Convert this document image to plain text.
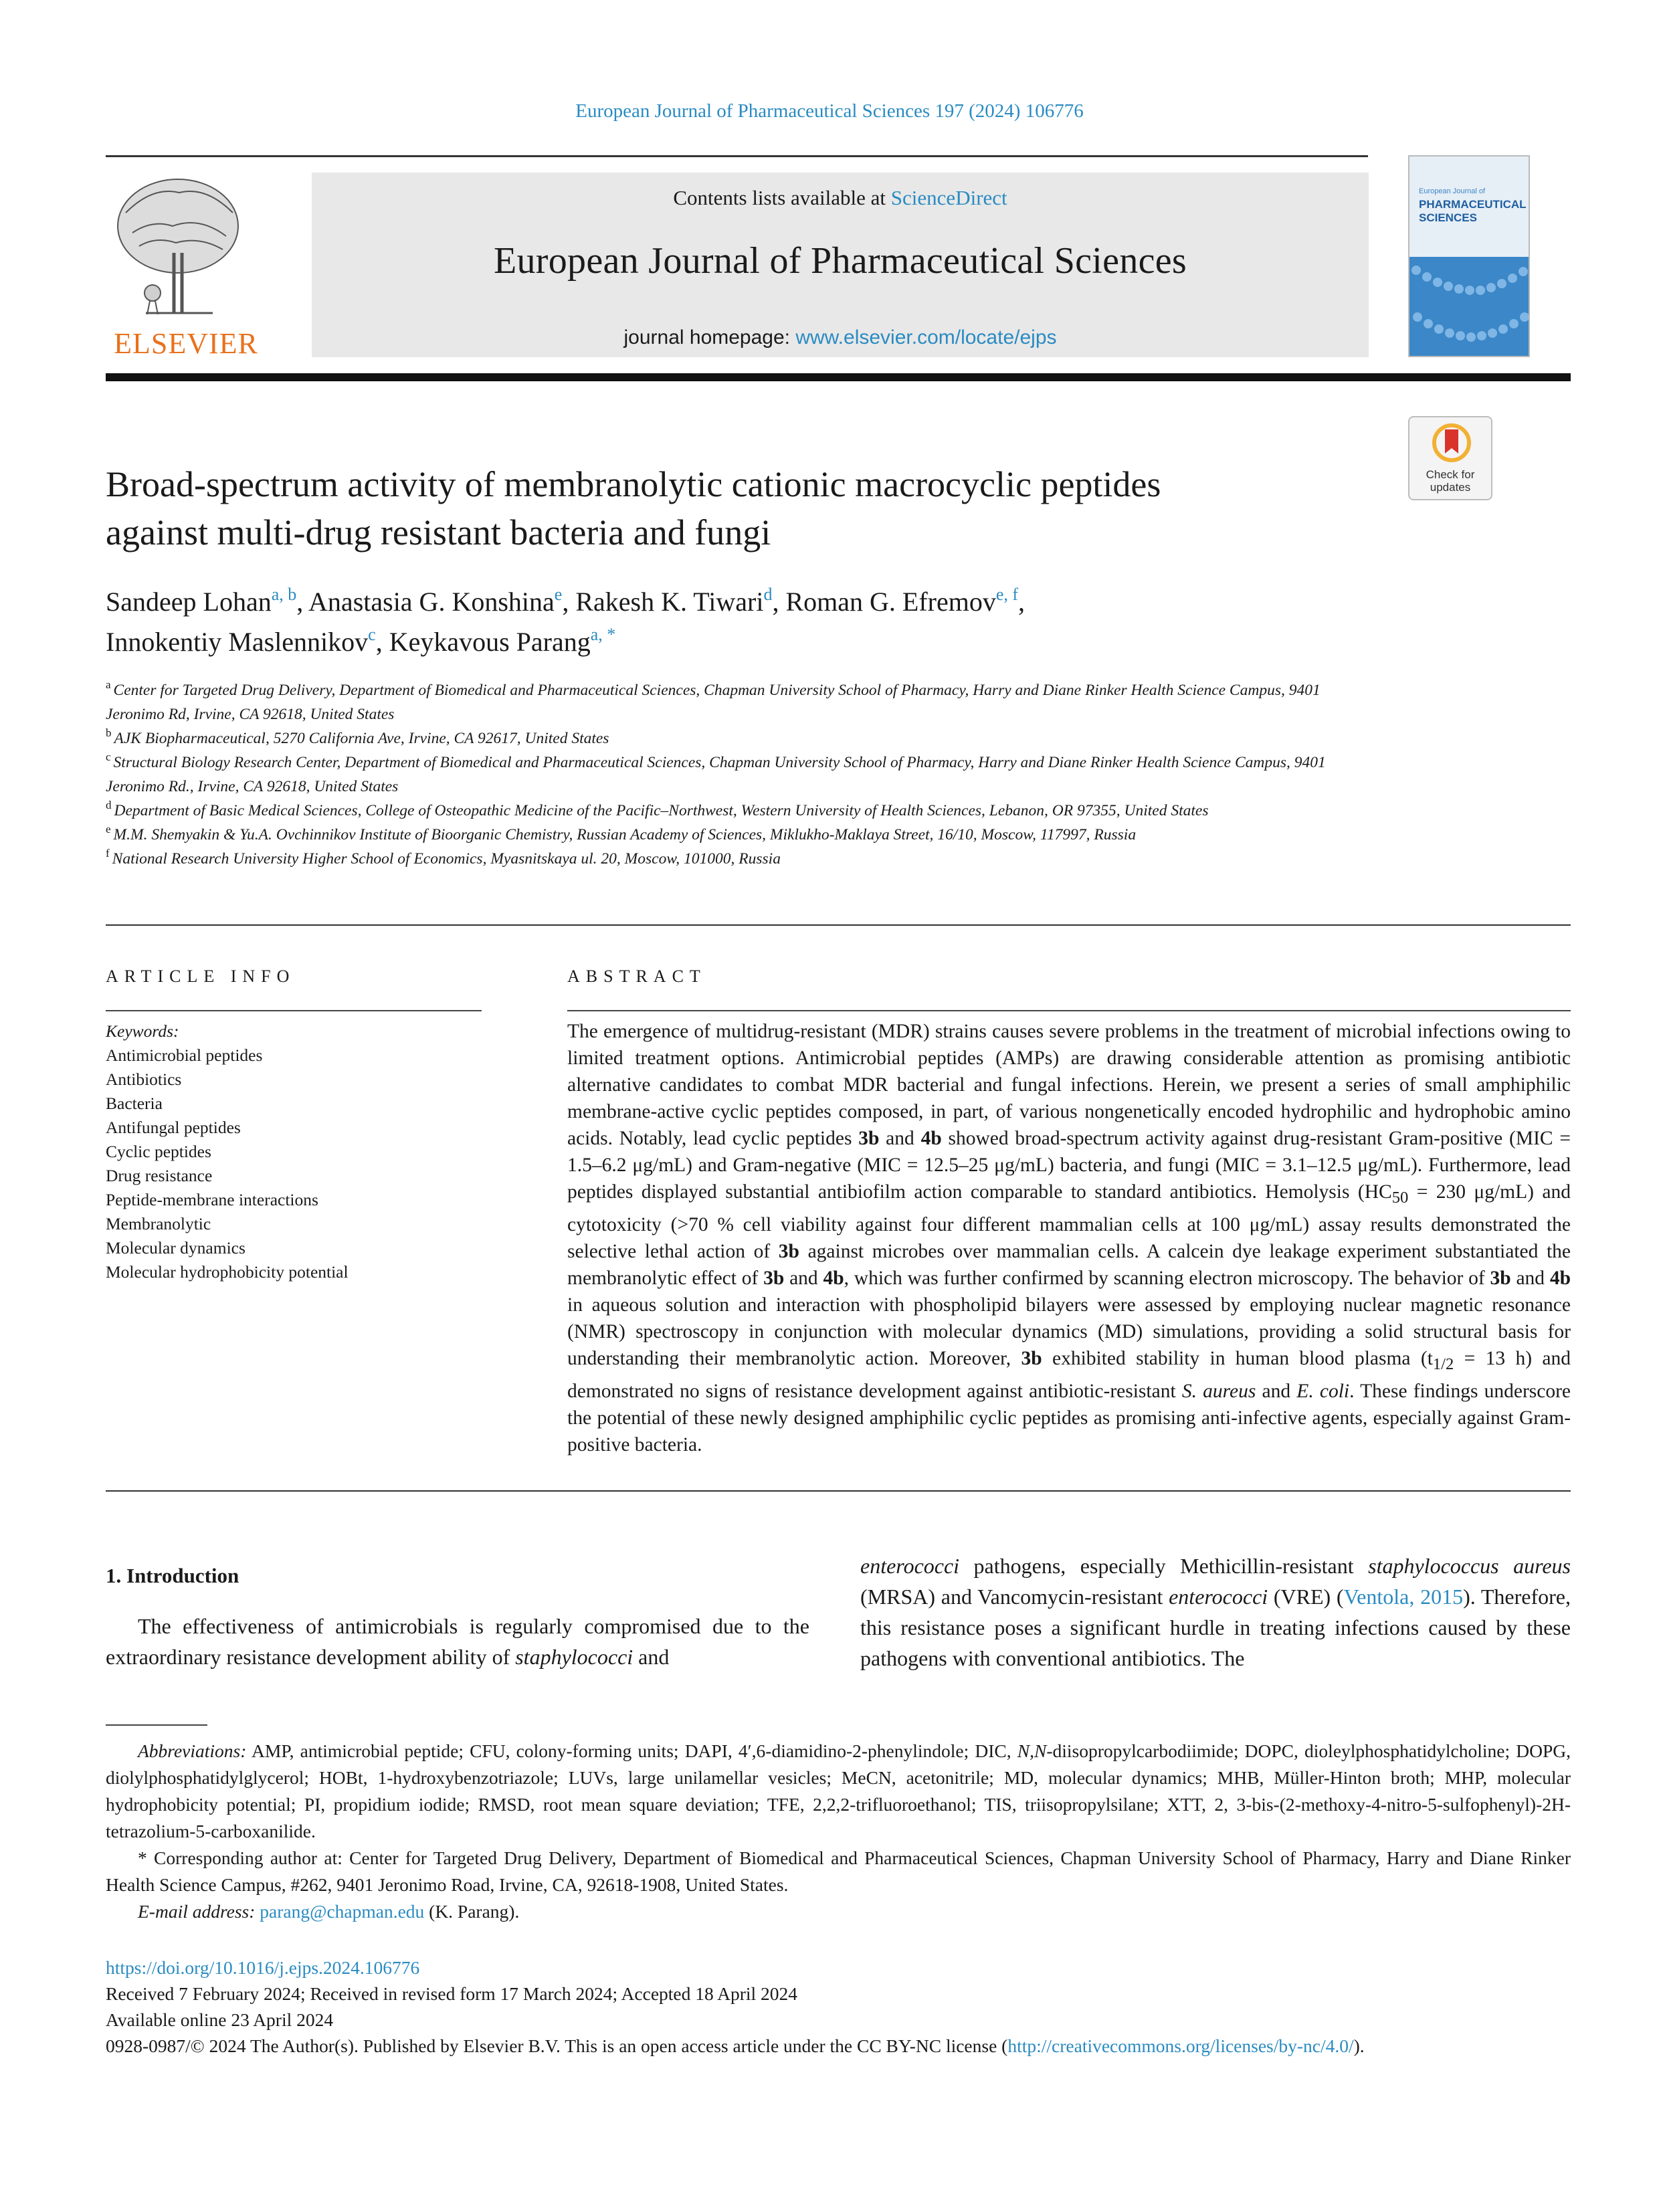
European Journal of Pharmaceutical Sciences 197 (2024) 106776
ELSEVIER
Contents lists available at ScienceDirect
European Journal of Pharmaceutical Sciences
journal homepage: www.elsevier.com/locate/ejps
European Journal of
PHARMACEUTICAL
SCIENCES
Check for
updates
Broad-spectrum activity of membranolytic cationic macrocyclic peptides
against multi-drug resistant bacteria and fungi
Sandeep Lohan$^{a, b}$, Anastasia G. Konshina$^e$, Rakesh K. Tiwari$^d$, Roman G. Efremov$^{e, f}$,
Innokentiy Maslennikov$^c$, Keykavous Parang$^{a, *}$
$^a$ Center for Targeted Drug Delivery, Department of Biomedical and Pharmaceutical Sciences, Chapman University School of Pharmacy, Harry and Diane Rinker Health Science Campus, 9401 Jeronimo Rd, Irvine, CA 92618, United States
$^b$ AJK Biopharmaceutical, 5270 California Ave, Irvine, CA 92617, United States
$^c$ Structural Biology Research Center, Department of Biomedical and Pharmaceutical Sciences, Chapman University School of Pharmacy, Harry and Diane Rinker Health Science Campus, 9401 Jeronimo Rd., Irvine, CA 92618, United States
$^d$ Department of Basic Medical Sciences, College of Osteopathic Medicine of the Pacific–Northwest, Western University of Health Sciences, Lebanon, OR 97355, United States
$^e$ M.M. Shemyakin & Yu.A. Ovchinnikov Institute of Bioorganic Chemistry, Russian Academy of Sciences, Miklukho-Maklaya Street, 16/10, Moscow, 117997, Russia
$^f$ National Research University Higher School of Economics, Myasnitskaya ul. 20, Moscow, 101000, Russia
ARTICLE INFO
Keywords:
Antimicrobial peptides
Antibiotics
Bacteria
Antifungal peptides
Cyclic peptides
Drug resistance
Peptide-membrane interactions
Membranolytic
Molecular dynamics
Molecular hydrophobicity potential
ABSTRACT
The emergence of multidrug-resistant (MDR) strains causes severe problems in the treatment of microbial infections owing to limited treatment options. Antimicrobial peptides (AMPs) are drawing considerable attention as promising antibiotic alternative candidates to combat MDR bacterial and fungal infections. Herein, we present a series of small amphiphilic membrane-active cyclic peptides composed, in part, of various nongenetically encoded hydrophilic and hydrophobic amino acids. Notably, lead cyclic peptides 3b and 4b showed broad-spectrum activity against drug-resistant Gram-positive (MIC = 1.5–6.2 μg/mL) and Gram-negative (MIC = 12.5–25 μg/mL) bacteria, and fungi (MIC = 3.1–12.5 μg/mL). Furthermore, lead peptides displayed substantial antibiofilm action comparable to standard antibiotics. Hemolysis ($HC_{50} = 230$ μg/mL) and cytotoxicity (>70 % cell viability against four different mammalian cells at 100 μg/mL) assay results demonstrated the selective lethal action of 3b against microbes over mammalian cells. A calcein dye leakage experiment substantiated the membranolytic effect of 3b and 4b, which was further confirmed by scanning electron microscopy. The behavior of 3b and 4b in aqueous solution and interaction with phospholipid bilayers were assessed by employing nuclear magnetic resonance (NMR) spectroscopy in conjunction with molecular dynamics (MD) simulations, providing a solid structural basis for understanding their membranolytic action. Moreover, 3b exhibited stability in human blood plasma ($t_{1/2} = 13$ h) and demonstrated no signs of resistance development against antibiotic-resistant S. aureus and E. coli. These findings underscore the potential of these newly designed amphiphilic cyclic peptides as promising anti-infective agents, especially against Gram-positive bacteria.
1. Introduction
The effectiveness of antimicrobials is regularly compromised due to the extraordinary resistance development ability of staphylococci and
enterococci pathogens, especially Methicillin-resistant staphylococcus aureus (MRSA) and Vancomycin-resistant enterococci (VRE) (Ventola, 2015). Therefore, this resistance poses a significant hurdle in treating infections caused by these pathogens with conventional antibiotics. The

Abbreviations: AMP, antimicrobial peptide; CFU, colony-forming units; DAPI, 4′,6-diamidino-2-phenylindole; DIC, N,N-diisopropylcarbodiimide; DOPC, dioleylphosphatidylcholine; DOPG, diolylphosphatidylglycerol; HOBt, 1-hydroxybenzotriazole; LUVs, large unilamellar vesicles; MeCN, acetonitrile; MD, molecular dynamics; MHB, Müller-Hinton broth; MHP, molecular hydrophobicity potential; PI, propidium iodide; RMSD, root mean square deviation; TFE, 2,2,2-trifluoroethanol; TIS, triisopropylsilane; XTT, 2, 3-bis-(2-methoxy-4-nitro-5-sulfophenyl)-2H-tetrazolium-5-carboxanilide.

* Corresponding author at: Center for Targeted Drug Delivery, Department of Biomedical and Pharmaceutical Sciences, Chapman University School of Pharmacy, Harry and Diane Rinker Health Science Campus, #262, 9401 Jeronimo Road, Irvine, CA, 92618-1908, United States.

E-mail address: parang@chapman.edu (K. Parang).

https://doi.org/10.1016/j.ejps.2024.106776
Received 7 February 2024; Received in revised form 17 March 2024; Accepted 18 April 2024
Available online 23 April 2024
0928-0987/© 2024 The Author(s). Published by Elsevier B.V. This is an open access article under the CC BY-NC license (http://creativecommons.org/licenses/by-nc/4.0/).
